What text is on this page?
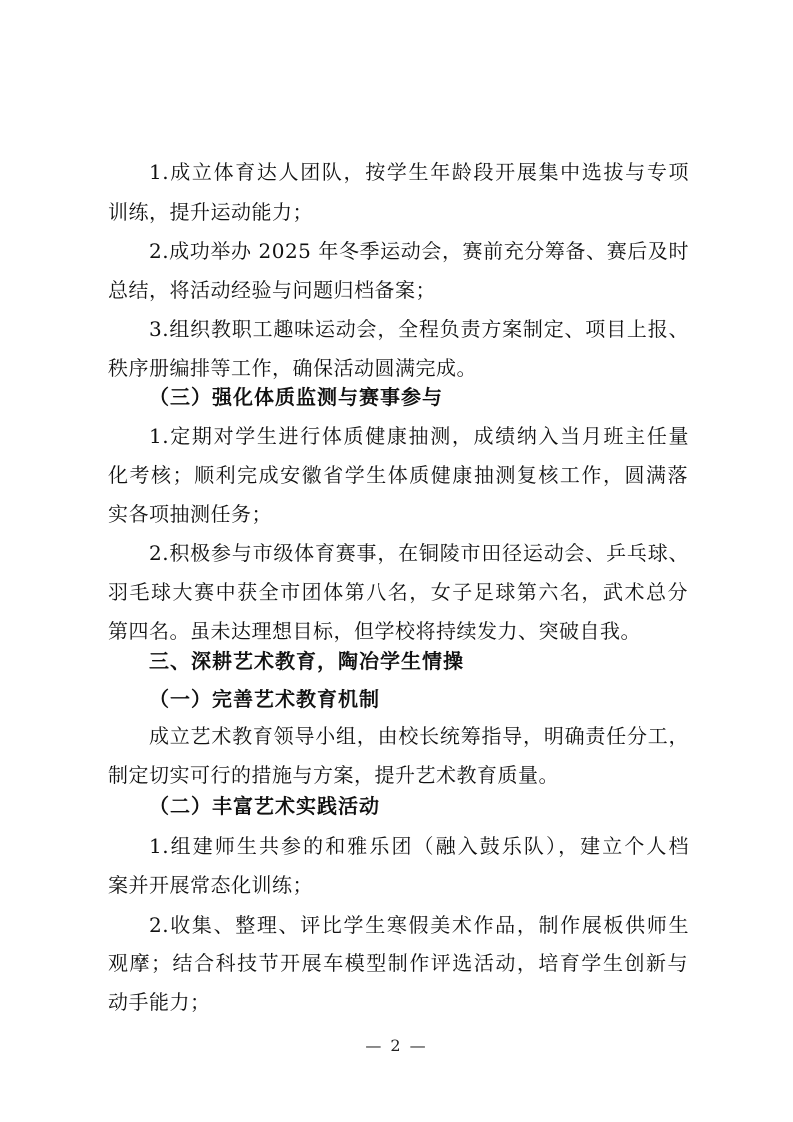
1.成立体育达人团队，按学生年龄段开展集中选拔与专项
训练，提升运动能力；
2.成功举办 2025 年冬季运动会，赛前充分筹备、赛后及时
总结，将活动经验与问题归档备案；
3.组织教职工趣味运动会，全程负责方案制定、项目上报、
秩序册编排等工作，确保活动圆满完成。
（三）强化体质监测与赛事参与
1.定期对学生进行体质健康抽测，成绩纳入当月班主任量
化考核；顺利完成安徽省学生体质健康抽测复核工作，圆满落
实各项抽测任务；
2.积极参与市级体育赛事，在铜陵市田径运动会、乒乓球、
羽毛球大赛中获全市团体第八名，女子足球第六名，武术总分
第四名。虽未达理想目标，但学校将持续发力、突破自我。
三、深耕艺术教育，陶冶学生情操
（一）完善艺术教育机制
成立艺术教育领导小组，由校长统筹指导，明确责任分工，
制定切实可行的措施与方案，提升艺术教育质量。
（二）丰富艺术实践活动
1.组建师生共参的和雅乐团（融入鼓乐队），建立个人档
案并开展常态化训练；
2.收集、整理、评比学生寒假美术作品，制作展板供师生
观摩；结合科技节开展车模型制作评选活动，培育学生创新与
动手能力；
— 2 —
